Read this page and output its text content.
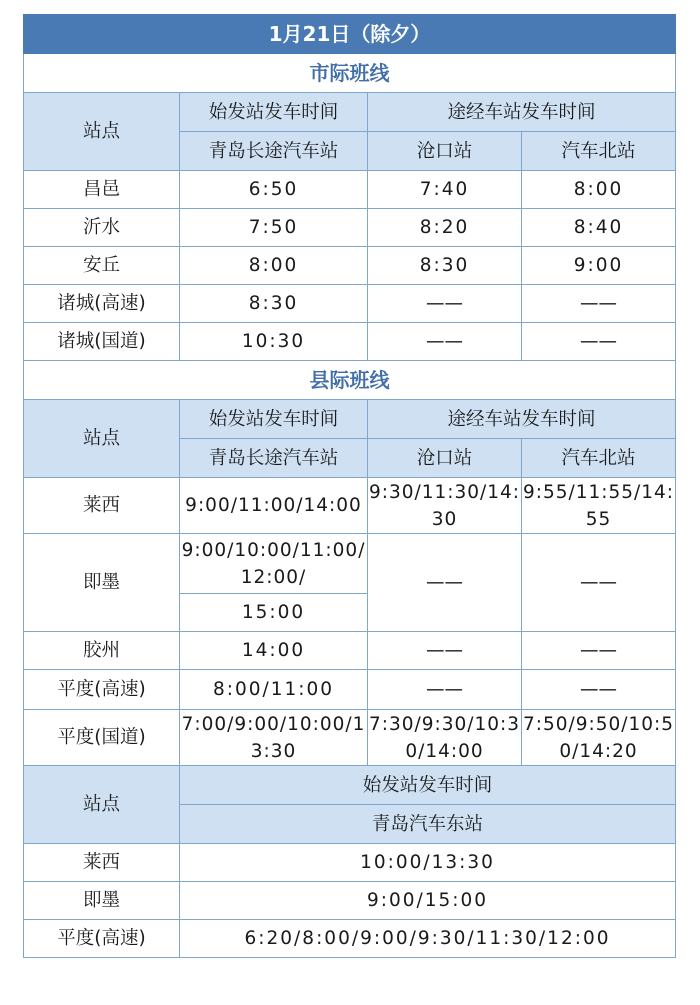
1月21日（除夕）			
市际班线			
站点	始发站发车时间	途经车站发车时间	
	青岛长途汽车站	沧口站	汽车北站
昌邑	6:50	7:40	8:00
沂水	7:50	8:20	8:40
安丘	8:00	8:30	9:00
诸城(高速)	8:30	——	——
诸城(国道)	10:30	——	——
县际班线			
站点	始发站发车时间	途经车站发车时间	
	青岛长途汽车站	沧口站	汽车北站
莱西	9:00/11:00/14:00	9:30/11:30/14:30	9:55/11:55/14:55
即墨	9:00/10:00/11:00/12:00/	——	——
	15:00		
胶州	14:00	——	——
平度(高速)	8:00/11:00	——	——
平度(国道)	7:00/9:00/10:00/13:30	7:30/9:30/10:30/14:00	7:50/9:50/10:50/14:20
站点	始发站发车时间		
	青岛汽车东站		
莱西	10:00/13:30		
即墨	9:00/15:00		
平度(高速)	6:20/8:00/9:00/9:30/11:30/12:00		
